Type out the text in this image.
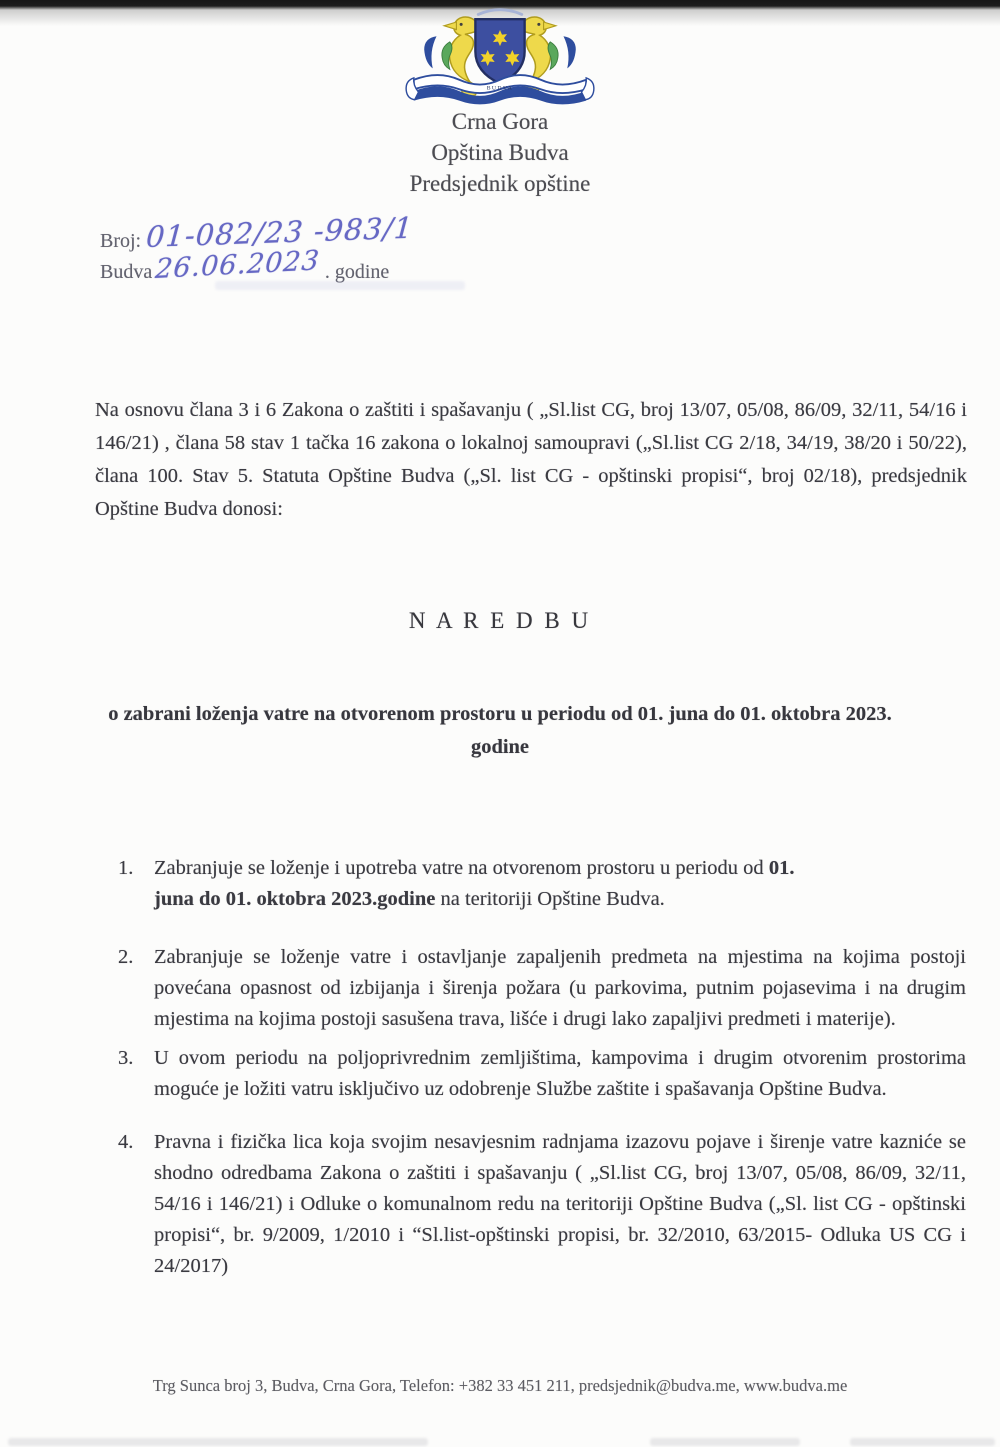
BUDVA
Crna Gora
Opština Budva
Predsjednik opštine
Broj: 01-082/23 -983/1
Budva26.06.2023 . godine
Na osnovu člana 3 i 6 Zakona o zaštiti i spašavanju ( „Sl.list CG, broj 13/07, 05/08, 86/09, 32/11, 54/16 i 146/21) , člana 58 stav 1 tačka 16 zakona o lokalnoj samoupravi („Sl.list CG 2/18, 34/19, 38/20 i 50/22), člana 100. Stav 5. Statuta Opštine Budva („Sl. list CG - opštinski propisi“, broj 02/18), predsjednik Opštine Budva donosi:
N A R E D B U
o zabrani loženja vatre na otvorenom prostoru u periodu od 01. juna do 01. oktobra 2023. godine
1.	Zabranjuje se loženje i upotreba vatre na otvorenom prostoru u periodu od 01. juna do 01. oktobra 2023.godine na teritoriji Opštine Budva.
2.	Zabranjuje se loženje vatre i ostavljanje zapaljenih predmeta na mjestima na kojima postoji povećana opasnost od izbijanja i širenja požara (u parkovima, putnim pojasevima i na drugim mjestima na kojima postoji sasušena trava, lišće i drugi lako zapaljivi predmeti i materije).
3.	U ovom periodu na poljoprivrednim zemljištima, kampovima i drugim otvorenim prostorima moguće je ložiti vatru isključivo uz odobrenje Službe zaštite i spašavanja Opštine Budva.
4.	Pravna i fizička lica koja svojim nesavjesnim radnjama izazovu pojave i širenje vatre kazniće se shodno odredbama Zakona o zaštiti i spašavanju ( „Sl.list CG, broj 13/07, 05/08, 86/09, 32/11, 54/16 i 146/21) i Odluke o komunalnom redu na teritoriji Opštine Budva („Sl. list CG - opštinski propisi“, br. 9/2009, 1/2010 i “Sl.list-opštinski propisi, br. 32/2010, 63/2015- Odluka US CG i 24/2017)
Trg Sunca broj 3, Budva, Crna Gora, Telefon: +382 33 451 211, predsjednik@budva.me, www.budva.me
